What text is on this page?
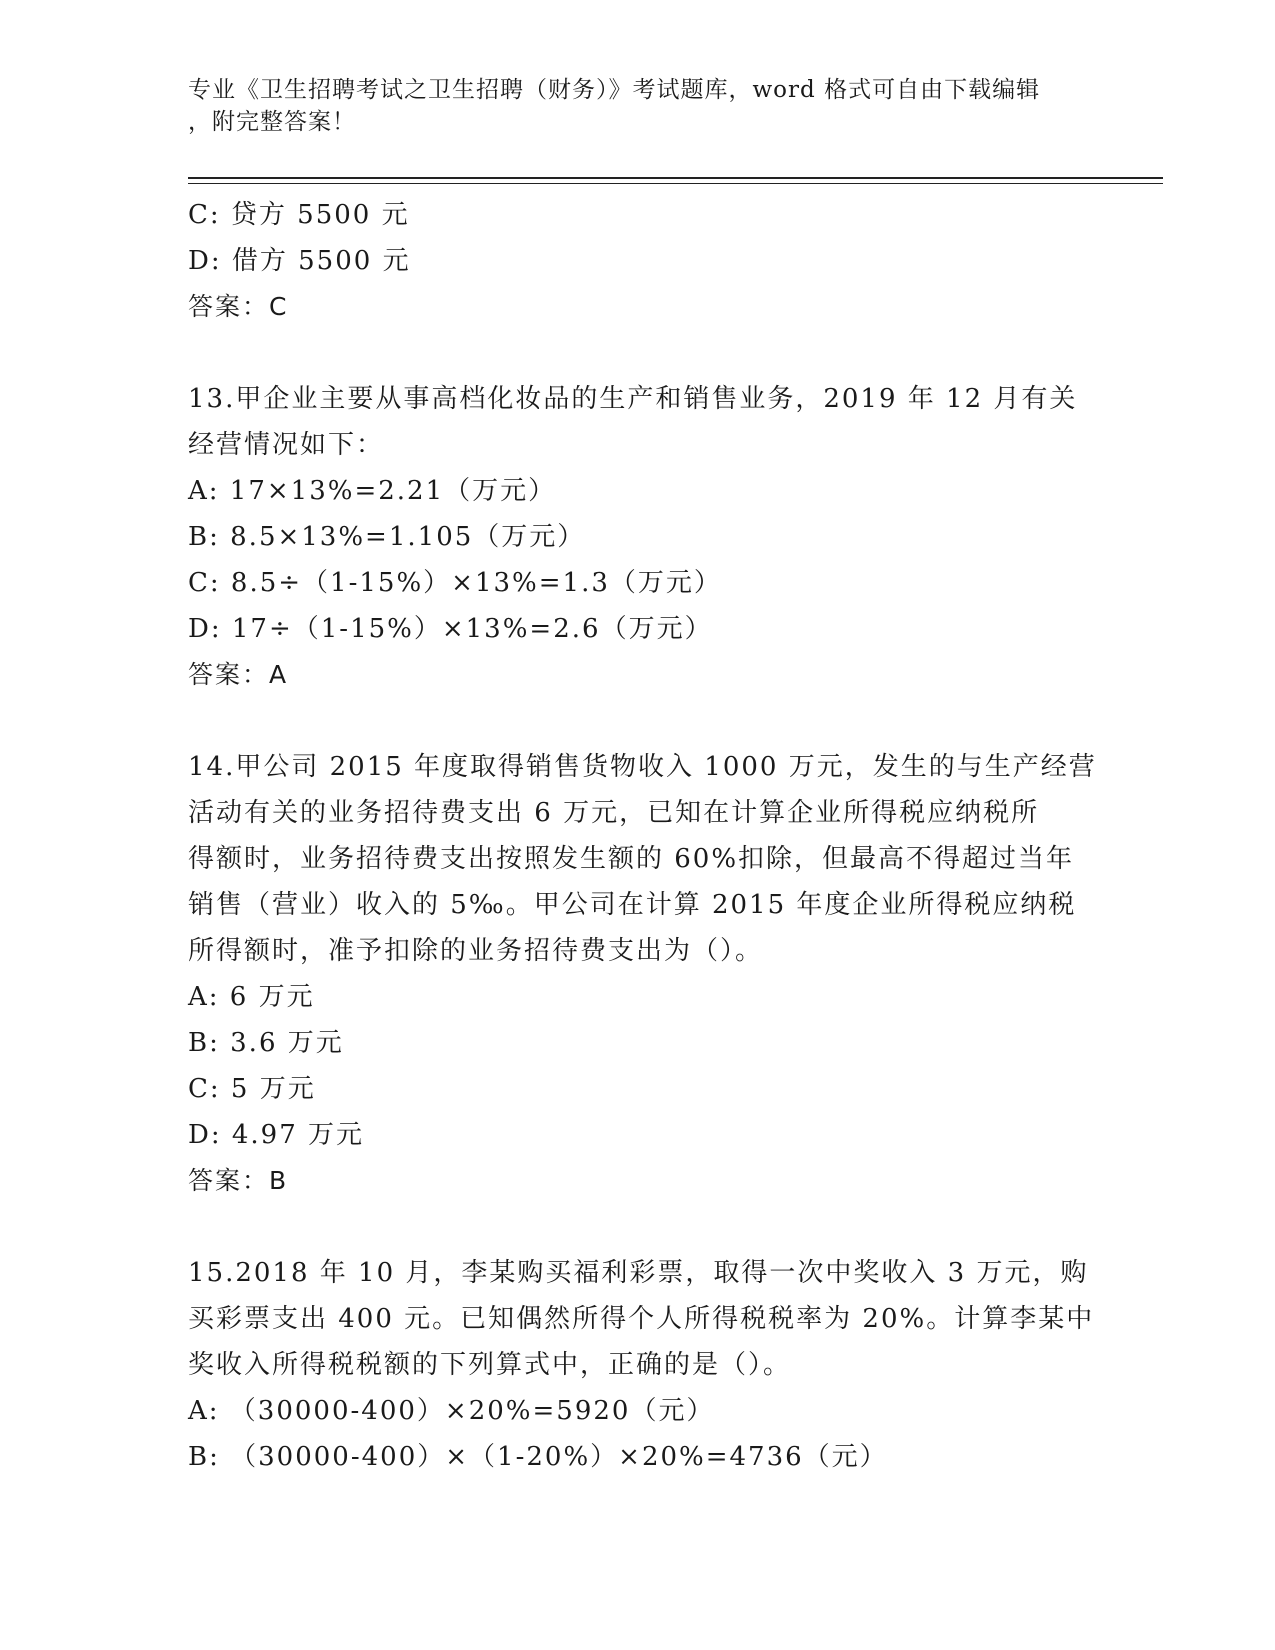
专业《卫生招聘考试之卫生招聘（财务）》考试题库，word 格式可自由下载编辑
，附完整答案！
C: 贷方 5500 元
D: 借方 5500 元
答案：C
13.甲企业主要从事高档化妆品的生产和销售业务，2019 年 12 月有关
经营情况如下：
A: 17×13%=2.21（万元）
B: 8.5×13%=1.105（万元）
C: 8.5÷（1-15%）×13%=1.3（万元）
D: 17÷（1-15%）×13%=2.6（万元）
答案：A
14.甲公司 2015 年度取得销售货物收入 1000 万元，发生的与生产经营
活动有关的业务招待费支出 6 万元，已知在计算企业所得税应纳税所
得额时，业务招待费支出按照发生额的 60%扣除，但最高不得超过当年
销售（营业）收入的 5‰。甲公司在计算 2015 年度企业所得税应纳税
所得额时，准予扣除的业务招待费支出为（）。
A: 6 万元
B: 3.6 万元
C: 5 万元
D: 4.97 万元
答案：B
15.2018 年 10 月，李某购买福利彩票，取得一次中奖收入 3 万元，购
买彩票支出 400 元。已知偶然所得个人所得税税率为 20%。计算李某中
奖收入所得税税额的下列算式中，正确的是（）。
A: （30000-400）×20%=5920（元）
B: （30000-400）×（1-20%）×20%=4736（元）
